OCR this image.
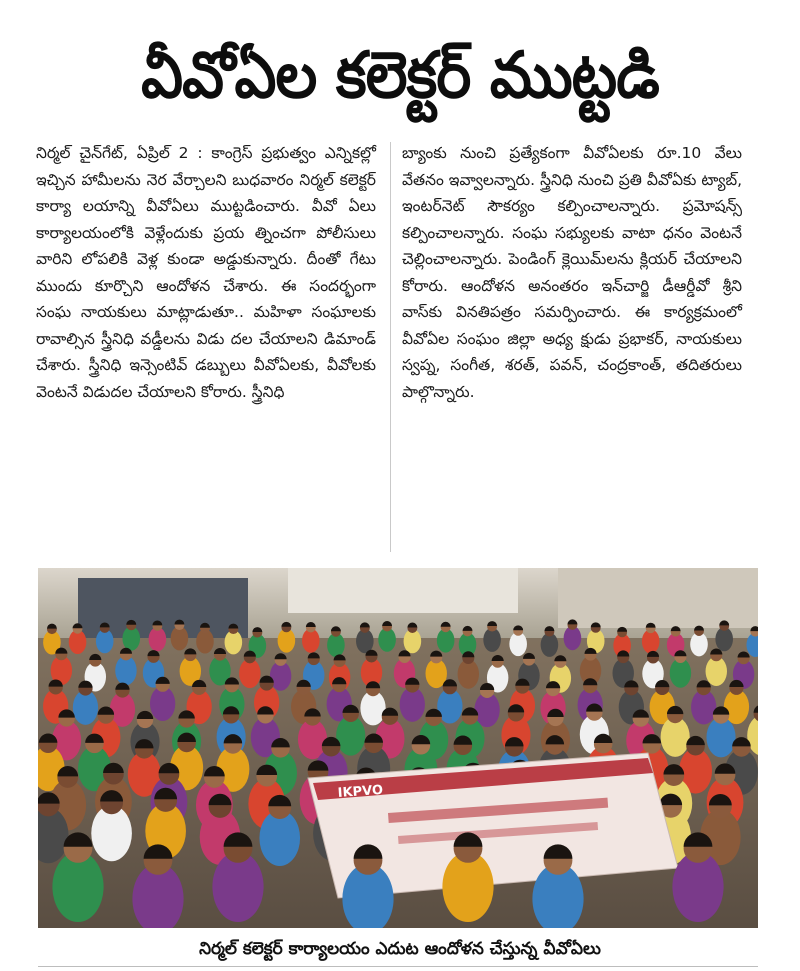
వీవోఏల కలెక్టర్ ముట్టడి
నిర్మల్ చైన్‌గేట్, ఏప్రిల్ 2 : కాంగ్రెస్ ప్రభుత్వం ఎన్నికల్లో ఇచ్చిన హామీలను నెర వేర్చాలని బుధవారం నిర్మల్ కలెక్టర్ కార్యా లయాన్ని వీవోఏలు ముట్టడించారు. వీవో ఏలు కార్యాలయంలోకి వెళ్లేందుకు ప్రయ త్నించగా పోలీసులు వారిని లోపలికి వెళ్ల కుండా అడ్డుకున్నారు. దీంతో గేటు ముందు కూర్చొని ఆందోళన చేశారు. ఈ సందర్భంగా సంఘ నాయకులు మాట్లాడుతూ.. మహిళా సంఘాలకు రావాల్సిన స్త్రీనిధి వడ్డీలను విడు దల చేయాలని డిమాండ్ చేశారు. స్త్రీనిధి ఇన్సెంటివ్ డబ్బులు వీవోఏలకు, వీవోలకు వెంటనే విడుదల చేయాలని కోరారు. స్త్రీనిధి
బ్యాంకు నుంచి ప్రత్యేకంగా వీవోఏలకు రూ.10 వేలు వేతనం ఇవ్వాలన్నారు. స్త్రీనిధి నుంచి ప్రతి వీవోఏకు ట్యాబ్, ఇంటర్‌నెట్ సౌకర్యం కల్పించాలన్నారు. ప్రమోషన్స్ కల్పించాలన్నారు. సంఘ సభ్యులకు వాటా ధనం వెంటనే చెల్లించాలన్నారు. పెండింగ్ క్లెయిమ్‌లను క్లియర్ చేయాలని కోరారు. ఆందోళన అనంతరం ఇన్‌చార్జి డీఆర్డీవో శ్రీని వాస్‌కు వినతిపత్రం సమర్పించారు. ఈ కార్యక్రమంలో వీవోఏల సంఘం జిల్లా అధ్య క్షుడు ప్రభాకర్, నాయకులు స్వప్న, సంగీత, శరత్, పవన్, చంద్రకాంత్, తదితరులు పాల్గొన్నారు.
IKPVO
నిర్మల్ కలెక్టర్ కార్యాలయం ఎదుట ఆందోళన చేస్తున్న వీవోఏలు
